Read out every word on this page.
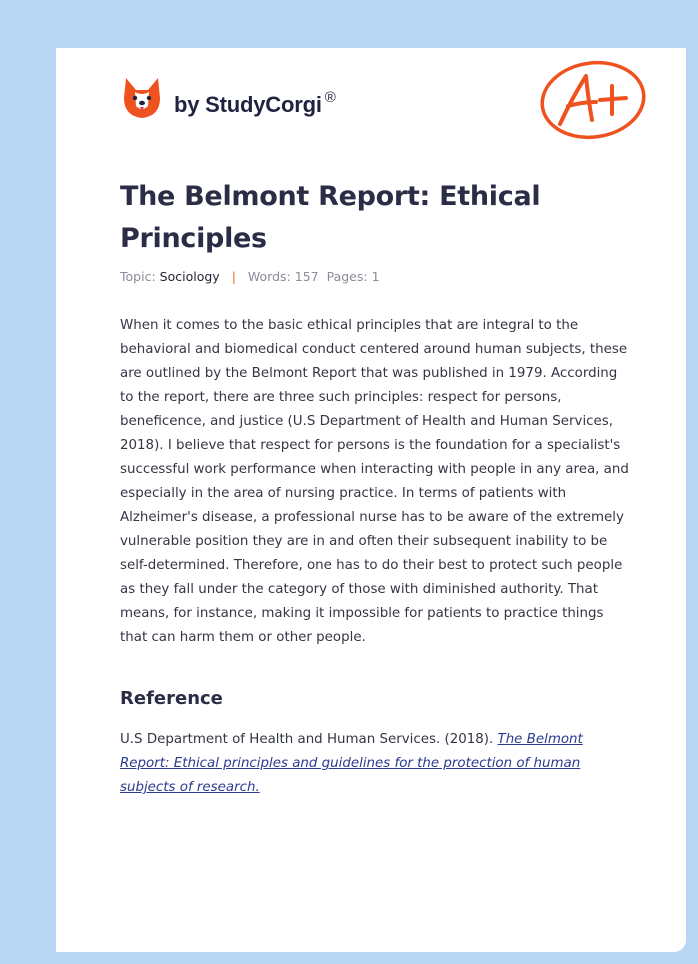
by StudyCorgi ®
The Belmont Report: Ethical Principles
Topic: Sociology | Words:
157 Pages:
1

When it comes to the basic ethical principles that are integral to the behavioral and biomedical conduct centered around human subjects, these are outlined by the Belmont Report that was published in 1979. According to the report, there are three such principles: respect for persons, beneficence, and justice (U.S Department of Health and Human Services, 2018). I believe that respect for persons is the foundation for a specialist's successful work performance when interacting with people in any area, and especially in the area of nursing practice. In terms of patients with Alzheimer's disease, a professional nurse has to be aware of the extremely vulnerable position they are in and often their subsequent inability to be self-determined. Therefore, one has to do their best to protect such people as they fall under the category of those with diminished authority. That means, for instance, making it impossible for patients to practice things that can harm them or other people.

Reference

U.S Department of Health and Human Services. (2018). The Belmont Report: Ethical principles and guidelines for the protection of human subjects of research.
